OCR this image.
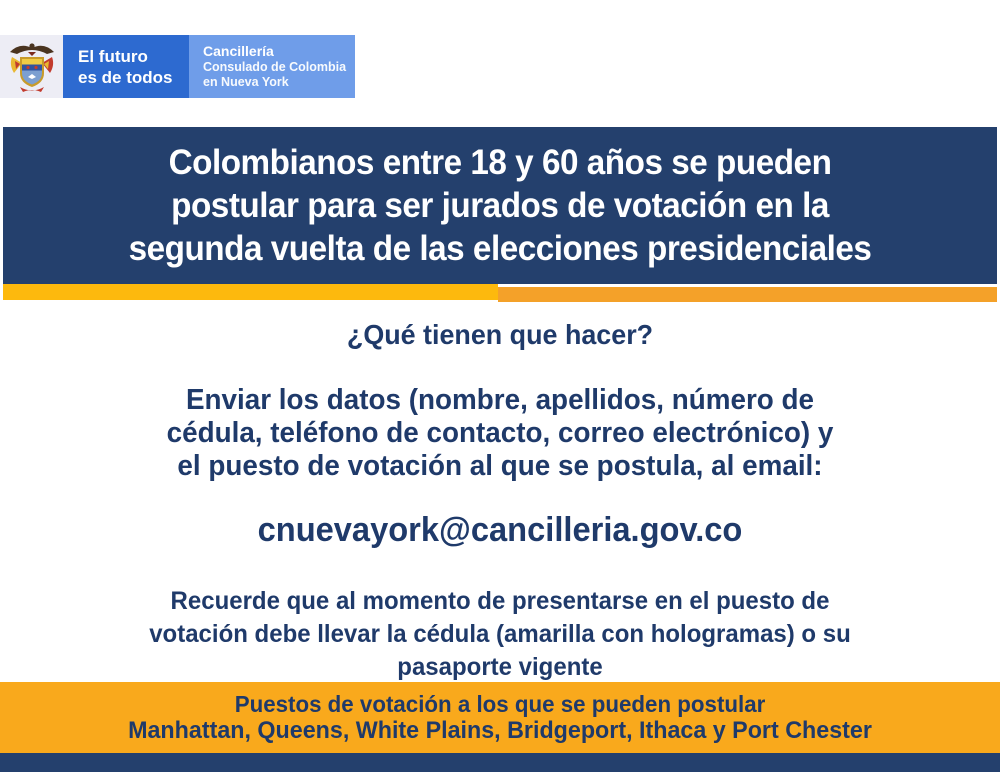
El futuro
es de todos
Cancillería
Consulado de Colombia
en Nueva York
Colombianos entre 18 y 60 años se pueden
postular para ser jurados de votación en la
segunda vuelta de las elecciones presidenciales
¿Qué tienen que hacer?
Enviar los datos (nombre, apellidos, número de
cédula, teléfono de contacto, correo electrónico) y
el puesto de votación al que se postula, al email:
cnuevayork@cancilleria.gov.co
Recuerde que al momento de presentarse en el puesto de
votación debe llevar la cédula (amarilla con hologramas) o su
pasaporte vigente
Puestos de votación a los que se pueden postular
Manhattan, Queens, White Plains, Bridgeport, Ithaca y Port Chester
